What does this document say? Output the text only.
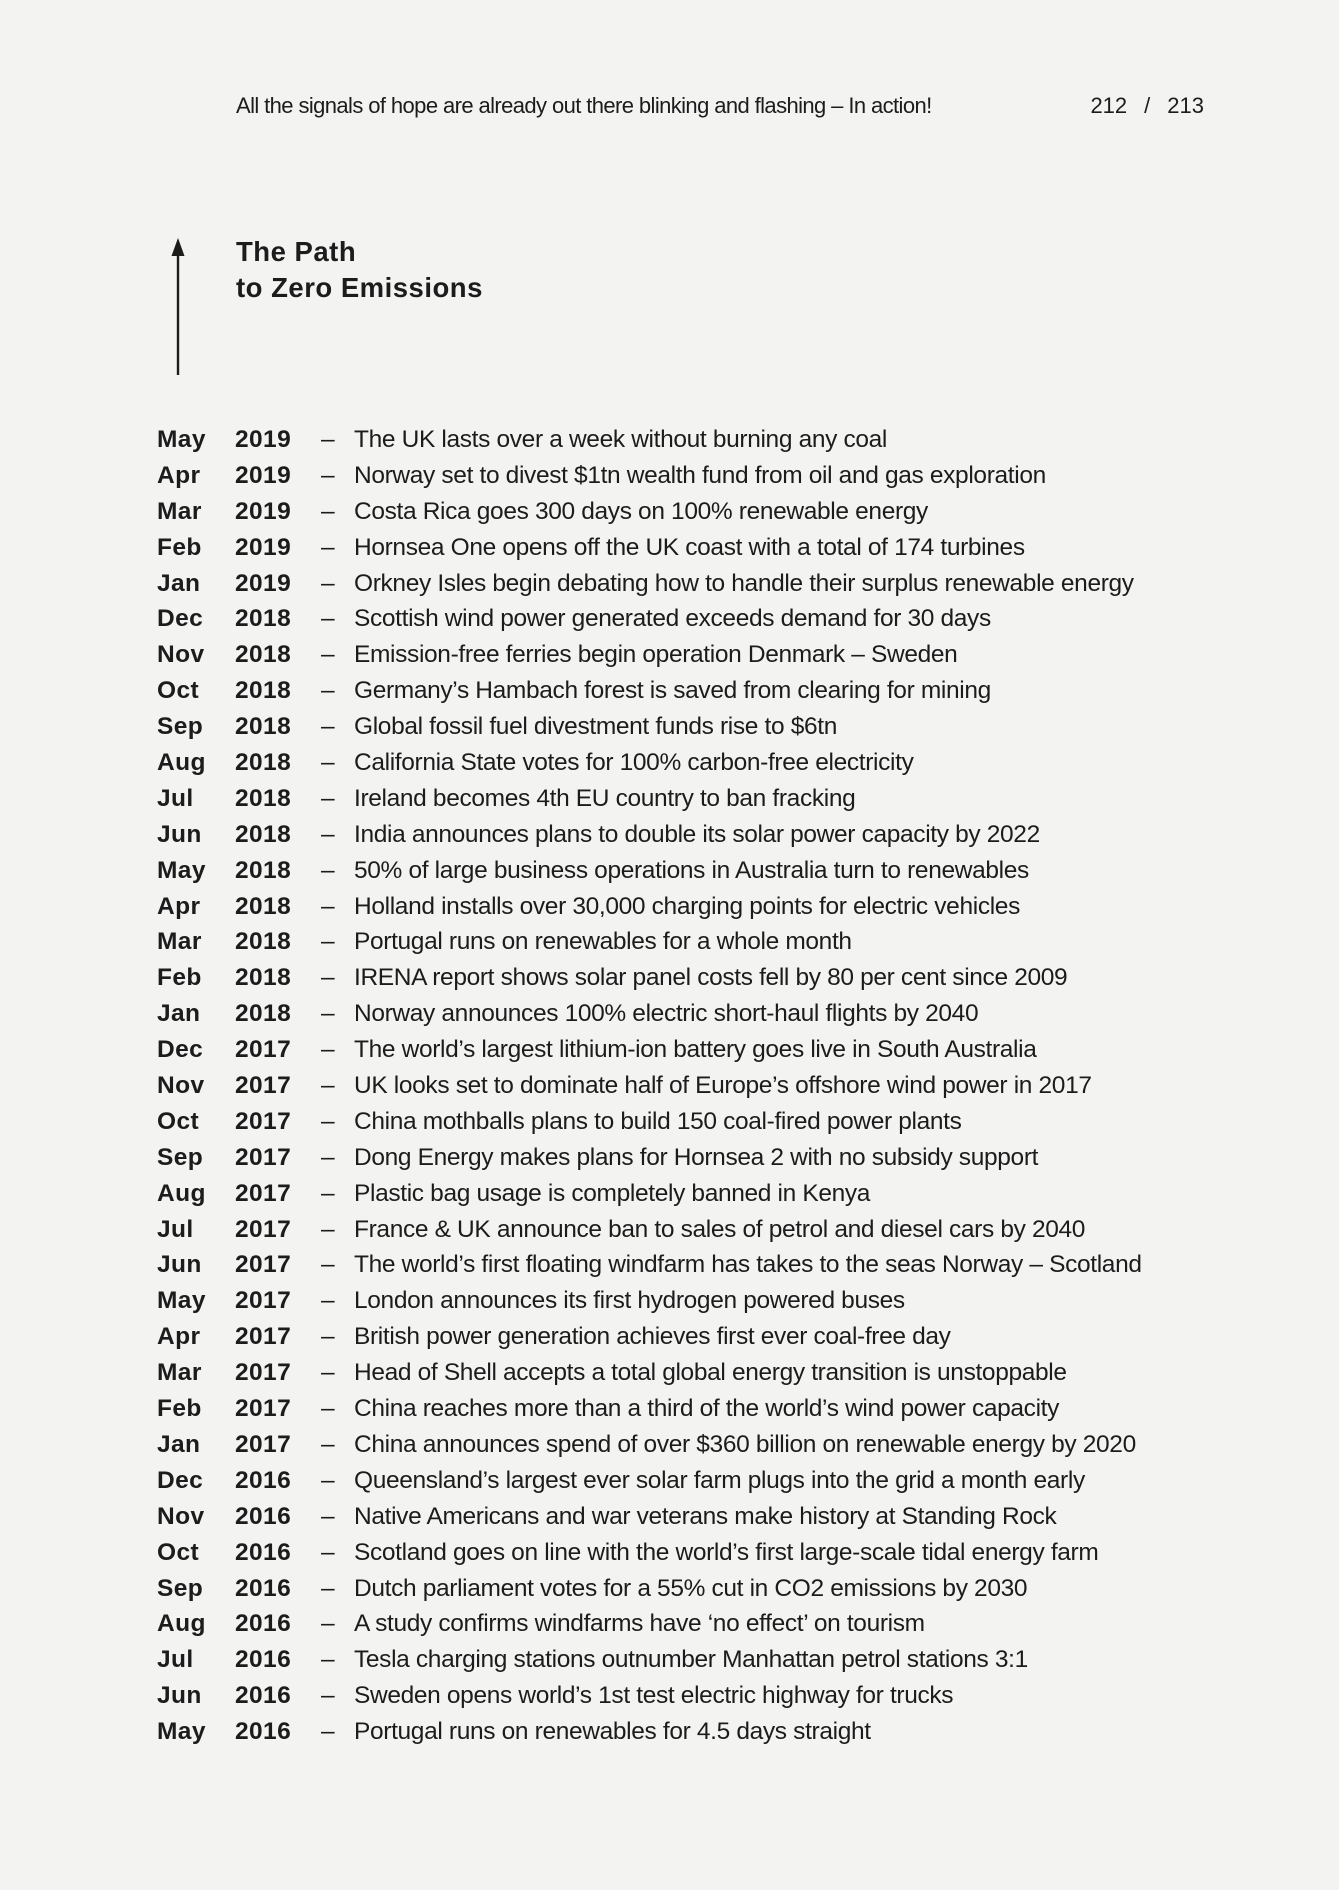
All the signals of hope are already out there blinking and flashing – In action!	212 / 213
The Path
to Zero Emissions
May 2019 – The UK lasts over a week without burning any coal
Apr 2019 – Norway set to divest $1tn wealth fund from oil and gas exploration
Mar 2019 – Costa Rica goes 300 days on 100% renewable energy
Feb 2019 – Hornsea One opens off the UK coast with a total of 174 turbines
Jan 2019 – Orkney Isles begin debating how to handle their surplus renewable energy
Dec 2018 – Scottish wind power generated exceeds demand for 30 days
Nov 2018 – Emission-free ferries begin operation Denmark – Sweden
Oct 2018 – Germany’s Hambach forest is saved from clearing for mining
Sep 2018 – Global fossil fuel divestment funds rise to $6tn
Aug 2018 – California State votes for 100% carbon-free electricity
Jul 2018 – Ireland becomes 4th EU country to ban fracking
Jun 2018 – India announces plans to double its solar power capacity by 2022
May 2018 – 50% of large business operations in Australia turn to renewables
Apr 2018 – Holland installs over 30,000 charging points for electric vehicles
Mar 2018 – Portugal runs on renewables for a whole month
Feb 2018 – IRENA report shows solar panel costs fell by 80 per cent since 2009
Jan 2018 – Norway announces 100% electric short-haul flights by 2040
Dec 2017 – The world’s largest lithium-ion battery goes live in South Australia
Nov 2017 – UK looks set to dominate half of Europe’s offshore wind power in 2017
Oct 2017 – China mothballs plans to build 150 coal-fired power plants
Sep 2017 – Dong Energy makes plans for Hornsea 2 with no subsidy support
Aug 2017 – Plastic bag usage is completely banned in Kenya
Jul 2017 – France & UK announce ban to sales of petrol and diesel cars by 2040
Jun 2017 – The world’s first floating windfarm has takes to the seas Norway – Scotland
May 2017 – London announces its first hydrogen powered buses
Apr 2017 – British power generation achieves first ever coal-free day
Mar 2017 – Head of Shell accepts a total global energy transition is unstoppable
Feb 2017 – China reaches more than a third of the world’s wind power capacity
Jan 2017 – China announces spend of over $360 billion on renewable energy by 2020
Dec 2016 – Queensland’s largest ever solar farm plugs into the grid a month early
Nov 2016 – Native Americans and war veterans make history at Standing Rock
Oct 2016 – Scotland goes on line with the world’s first large-scale tidal energy farm
Sep 2016 – Dutch parliament votes for a 55% cut in CO2 emissions by 2030
Aug 2016 – A study confirms windfarms have ‘no effect’ on tourism
Jul 2016 – Tesla charging stations outnumber Manhattan petrol stations 3:1
Jun 2016 – Sweden opens world’s 1st test electric highway for trucks
May 2016 – Portugal runs on renewables for 4.5 days straight
